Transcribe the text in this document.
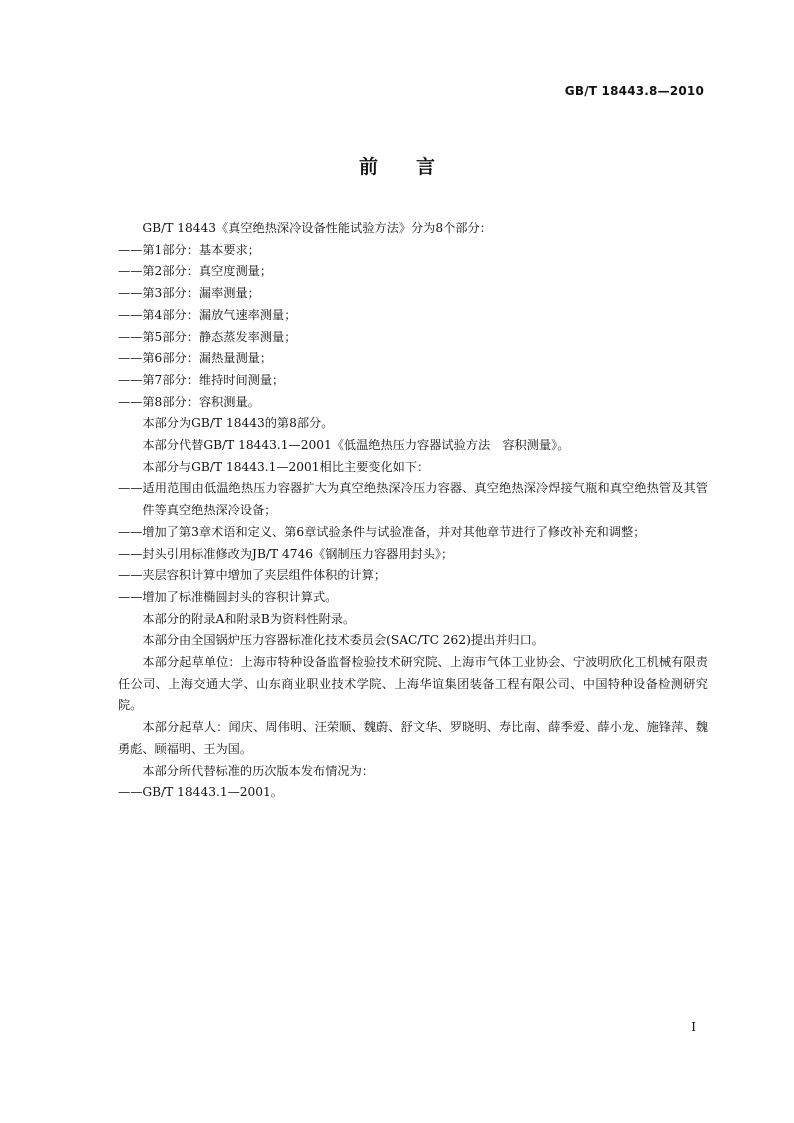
GB/T 18443.8—2010
前言

GB/T 18443《真空绝热深冷设备性能试验方法》分为8个部分：

——第1部分：基本要求；

——第2部分：真空度测量；

——第3部分：漏率测量；

——第4部分：漏放气速率测量；

——第5部分：静态蒸发率测量；

——第6部分：漏热量测量；

——第7部分：维持时间测量；

——第8部分：容积测量。

本部分为GB/T 18443的第8部分。

本部分代替GB/T 18443.1—2001《低温绝热压力容器试验方法　容积测量》。

本部分与GB/T 18443.1—2001相比主要变化如下：

——适用范围由低温绝热压力容器扩大为真空绝热深冷压力容器、真空绝热深冷焊接气瓶和真空绝热管及其管件等真空绝热深冷设备；

——增加了第3章术语和定义、第6章试验条件与试验准备，并对其他章节进行了修改补充和调整；

——封头引用标准修改为JB/T 4746《钢制压力容器用封头》；

——夹层容积计算中增加了夹层组件体积的计算；

——增加了标准椭圆封头的容积计算式。

本部分的附录A和附录B为资料性附录。

本部分由全国锅炉压力容器标准化技术委员会(SAC/TC 262)提出并归口。

本部分起草单位：上海市特种设备监督检验技术研究院、上海市气体工业协会、宁波明欣化工机械有限责任公司、上海交通大学、山东商业职业技术学院、上海华谊集团装备工程有限公司、中国特种设备检测研究院。

本部分起草人：闻庆、周伟明、汪荣顺、魏蔚、舒文华、罗晓明、寿比南、薛季爱、薛小龙、施锋萍、魏勇彪、顾福明、王为国。

本部分所代替标准的历次版本发布情况为：

——GB/T 18443.1—2001。

I
